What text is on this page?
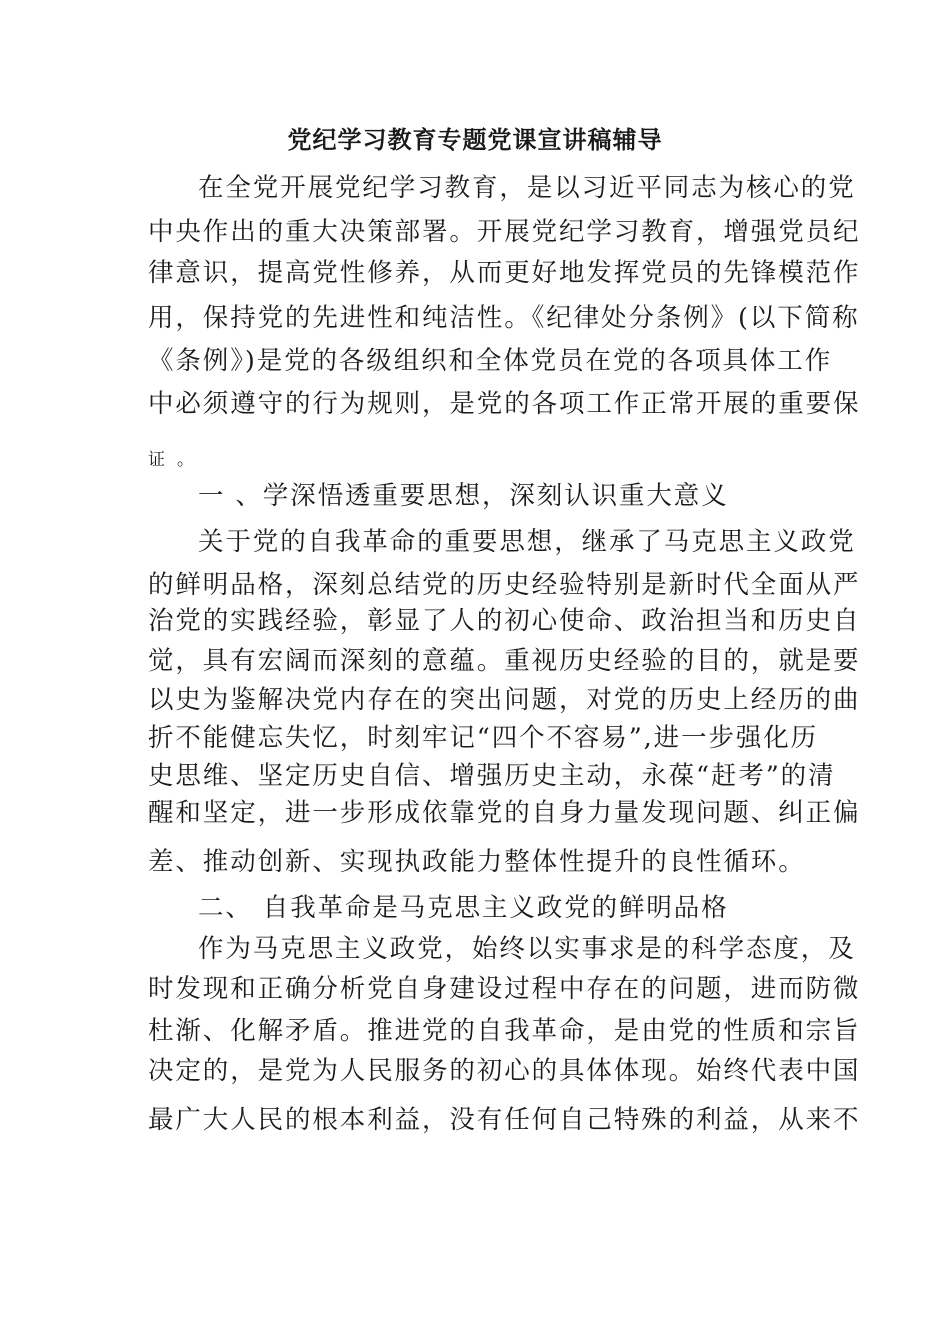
党纪学习教育专题党课宣讲稿辅导
在全党开展党纪学习教育，是以习近平同志为核心的党
中央作出的重大决策部署。开展党纪学习教育，增强党员纪
律意识，提高党性修养，从而更好地发挥党员的先锋模范作
用，保持党的先进性和纯洁性。《纪律处分条例》(以下简称
《条例》)是党的各级组织和全体党员在党的各项具体工作
中必须遵守的行为规则，是党的各项工作正常开展的重要保
证。
一 、学深悟透重要思想，深刻认识重大意义
关于党的自我革命的重要思想，继承了马克思主义政党
的鲜明品格，深刻总结党的历史经验特别是新时代全面从严
治党的实践经验，彰显了人的初心使命、政治担当和历史自
觉，具有宏阔而深刻的意蕴。重视历史经验的目的，就是要
以史为鉴解决党内存在的突出问题，对党的历史上经历的曲
折不能健忘失忆，时刻牢记“四个不容易”,进一步强化历
史思维、坚定历史自信、增强历史主动，永葆“赶考”的清
醒和坚定，进一步形成依靠党的自身力量发现问题、纠正偏
差、推动创新、实现执政能力整体性提升的良性循环。
二、 自我革命是马克思主义政党的鲜明品格
作为马克思主义政党，始终以实事求是的科学态度，及
时发现和正确分析党自身建设过程中存在的问题，进而防微
杜渐、化解矛盾。推进党的自我革命，是由党的性质和宗旨
决定的，是党为人民服务的初心的具体体现。始终代表中国
最广大人民的根本利益，没有任何自己特殊的利益，从来不
